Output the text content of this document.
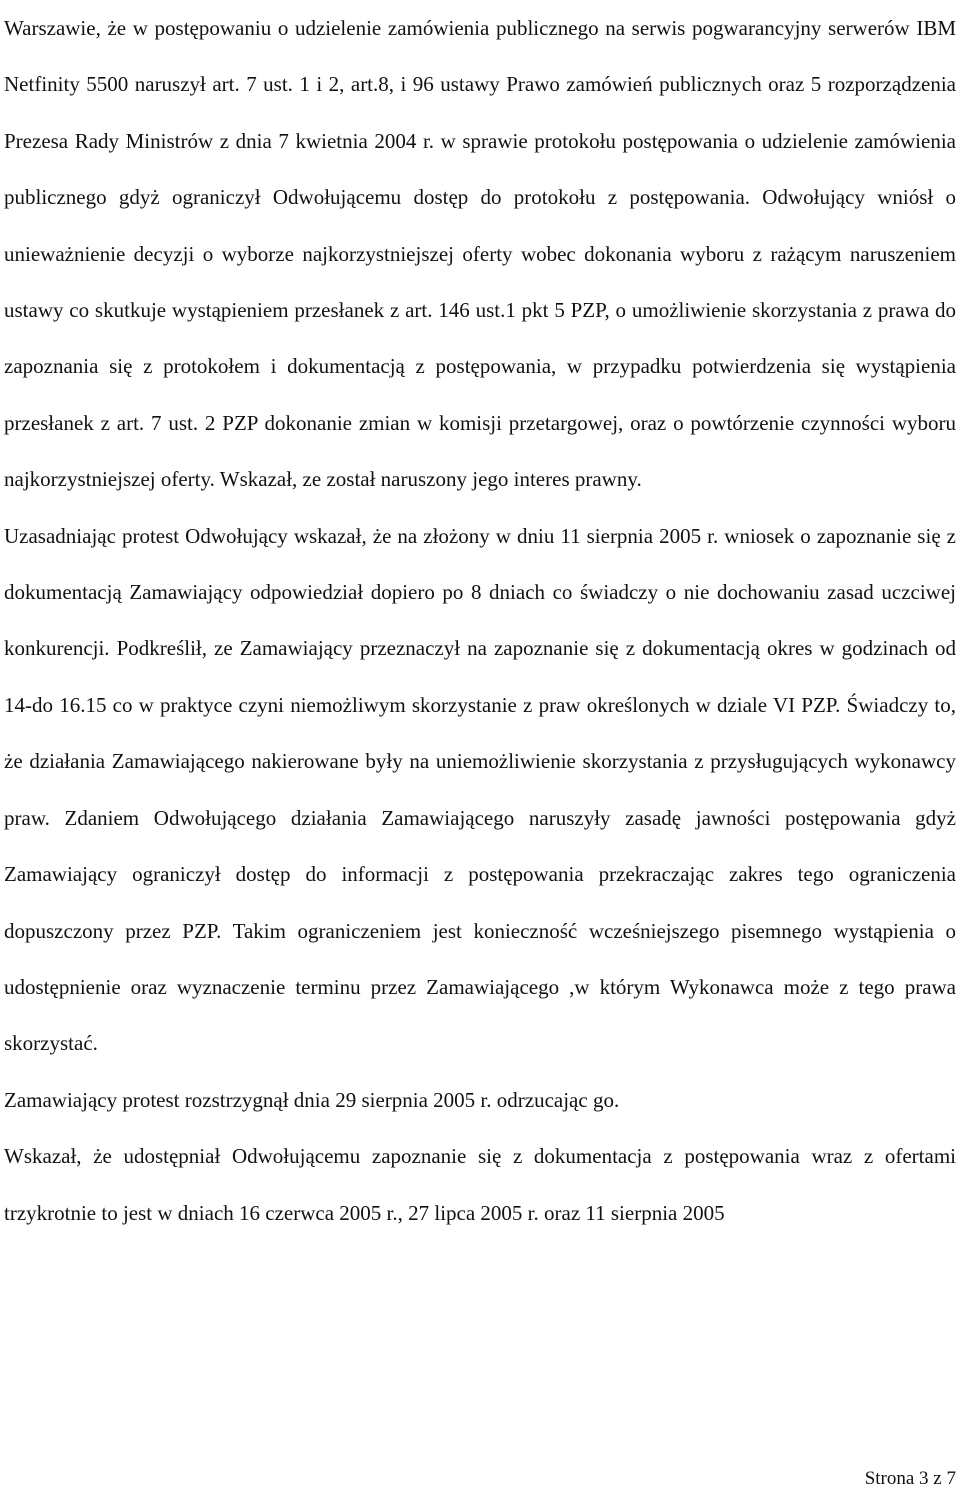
Warszawie, że w postępowaniu o udzielenie zamówienia publicznego na serwis pogwarancyjny serwerów IBM Netfinity 5500 naruszył art. 7 ust. 1 i 2, art.8, i 96 ustawy Prawo zamówień publicznych oraz 5 rozporządzenia Prezesa Rady Ministrów z dnia 7 kwietnia 2004 r. w sprawie protokołu postępowania o udzielenie zamówienia publicznego gdyż ograniczył Odwołującemu dostęp do protokołu z postępowania. Odwołujący wniósł o unieważnienie decyzji o wyborze najkorzystniejszej oferty wobec dokonania wyboru z rażącym naruszeniem ustawy co skutkuje wystąpieniem przesłanek z art. 146 ust.1 pkt 5 PZP, o umożliwienie skorzystania z prawa do zapoznania się z protokołem i dokumentacją z postępowania, w przypadku potwierdzenia się wystąpienia przesłanek z art. 7 ust. 2 PZP dokonanie zmian w komisji przetargowej, oraz o powtórzenie czynności wyboru najkorzystniejszej oferty. Wskazał, ze został naruszony jego interes prawny.

Uzasadniając protest Odwołujący wskazał, że na złożony w dniu 11 sierpnia 2005 r. wniosek o zapoznanie się z dokumentacją Zamawiający odpowiedział dopiero po 8 dniach co świadczy o nie dochowaniu zasad uczciwej konkurencji. Podkreślił, ze Zamawiający przeznaczył na zapoznanie się z dokumentacją okres w godzinach od 14-do 16.15 co w praktyce czyni niemożliwym skorzystanie z praw określonych w dziale VI PZP. Świadczy to, że działania Zamawiającego nakierowane były na uniemożliwienie skorzystania z przysługujących wykonawcy praw. Zdaniem Odwołującego działania Zamawiającego naruszyły zasadę jawności postępowania gdyż Zamawiający ograniczył dostęp do informacji z postępowania przekraczając zakres tego ograniczenia dopuszczony przez PZP. Takim ograniczeniem jest konieczność wcześniejszego pisemnego wystąpienia o udostępnienie oraz wyznaczenie terminu przez Zamawiającego ,w którym Wykonawca może z tego prawa skorzystać.

Zamawiający protest rozstrzygnął dnia 29 sierpnia 2005 r. odrzucając go.

Wskazał, że udostępniał Odwołującemu zapoznanie się z dokumentacja z postępowania wraz z ofertami trzykrotnie to jest w dniach 16 czerwca 2005 r., 27 lipca 2005 r. oraz 11 sierpnia 2005

Strona 3 z 7
